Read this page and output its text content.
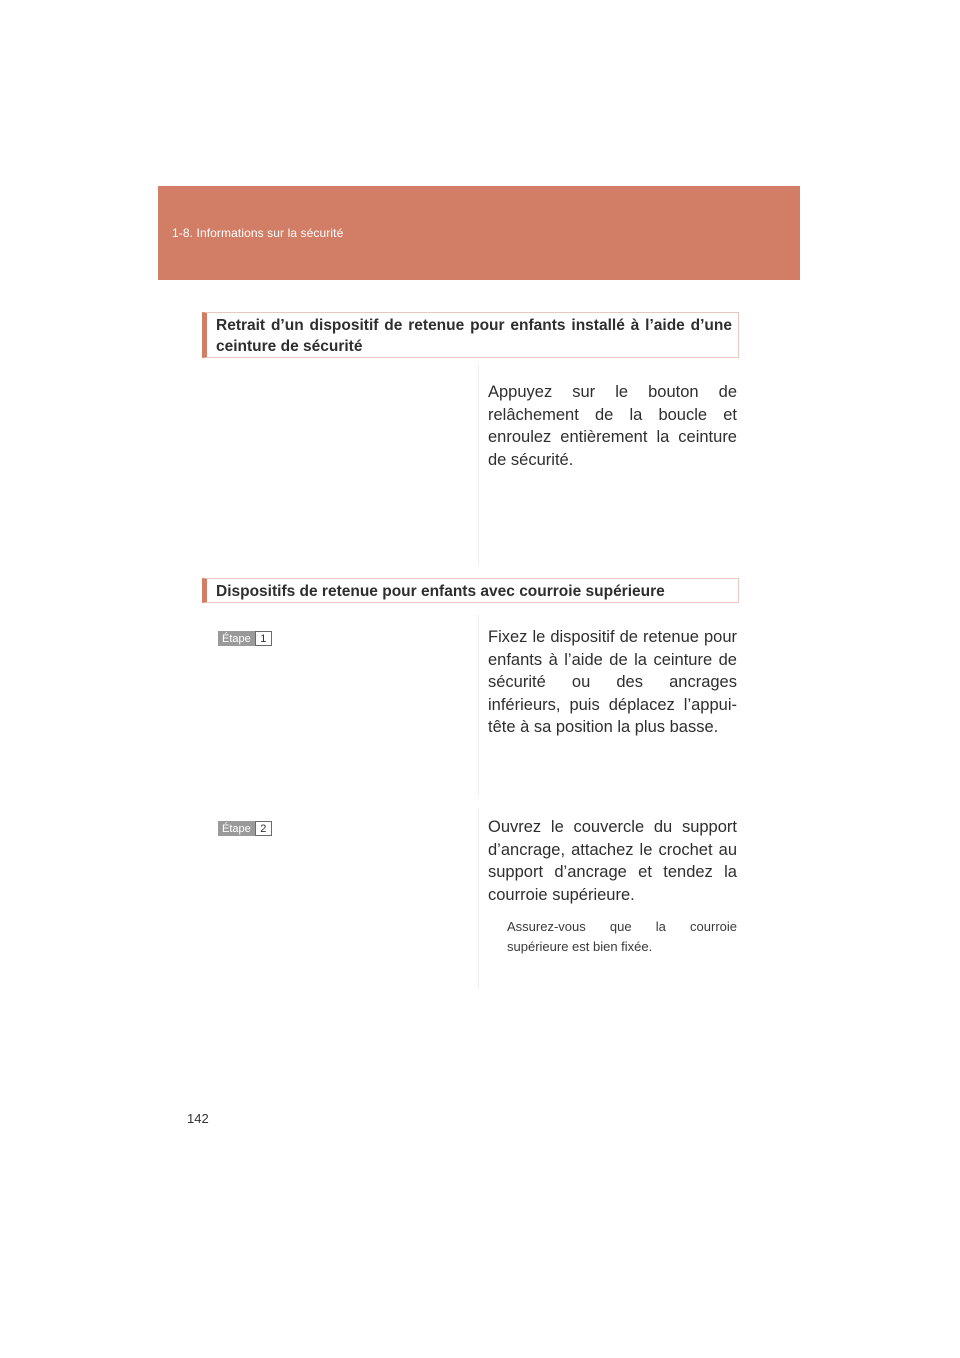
1-8. Informations sur la sécurité
Retrait d’un dispositif de retenue pour enfants installé à l’aide d’une ceinture de sécurité
Appuyez sur le bouton de relâchement de la boucle et enroulez entièrement la ceinture de sécurité.
Dispositifs de retenue pour enfants avec courroie supérieure
Étape 1	Fixez le dispositif de retenue pour enfants à l’aide de la ceinture de sécurité ou des ancrages inférieurs, puis déplacez l’appui-tête à sa position la plus basse.
Étape 2	Ouvrez le couvercle du support d’ancrage, attachez le crochet au support d’ancrage et tendez la courroie supérieure.
Assurez-vous que la courroie supérieure est bien fixée.
142
